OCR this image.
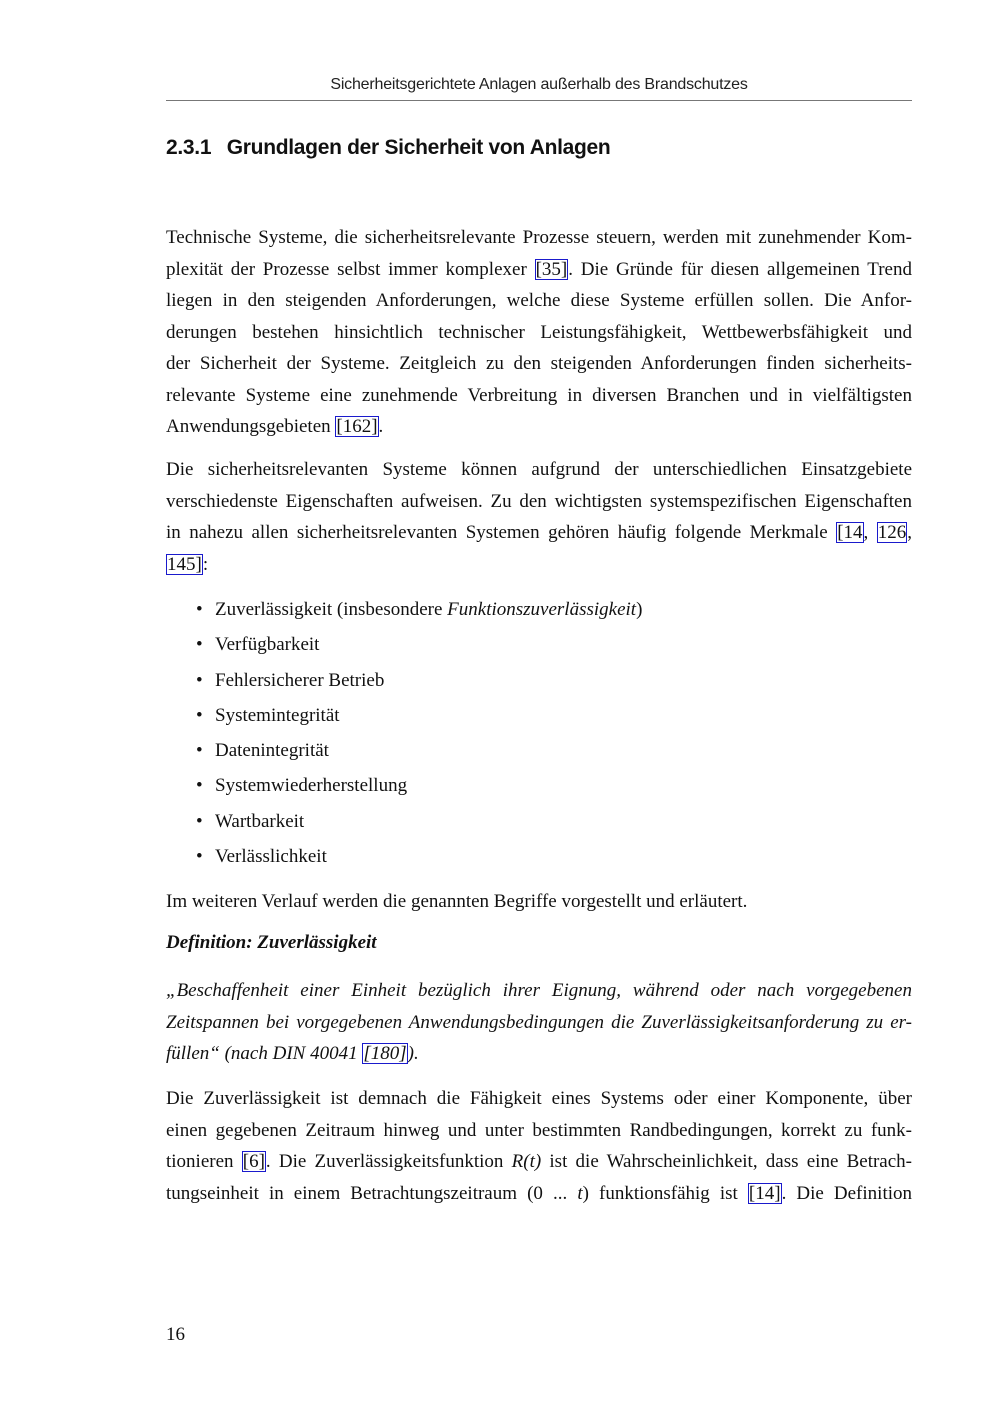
Sicherheitsgerichtete Anlagen außerhalb des Brandschutzes
2.3.1 Grundlagen der Sicherheit von Anlagen
Technische Systeme, die sicherheitsrelevante Prozesse steuern, werden mit zunehmender Kom-
plexität der Prozesse selbst immer komplexer [35]. Die Gründe für diesen allgemeinen Trend
liegen in den steigenden Anforderungen, welche diese Systeme erfüllen sollen. Die Anfor-
derungen bestehen hinsichtlich technischer Leistungsfähigkeit, Wettbewerbsfähigkeit und
der Sicherheit der Systeme. Zeitgleich zu den steigenden Anforderungen finden sicherheits-
relevante Systeme eine zunehmende Verbreitung in diversen Branchen und in vielfältigsten
Anwendungsgebieten [162].
Die sicherheitsrelevanten Systeme können aufgrund der unterschiedlichen Einsatzgebiete
verschiedenste Eigenschaften aufweisen. Zu den wichtigsten systemspezifischen Eigenschaften
in nahezu allen sicherheitsrelevanten Systemen gehören häufig folgende Merkmale [14, 126,
145]:
• Zuverlässigkeit (insbesondere Funktionszuverlässigkeit)
• Verfügbarkeit
• Fehlersicherer Betrieb
• Systemintegrität
• Datenintegrität
• Systemwiederherstellung
• Wartbarkeit
• Verlässlichkeit
Im weiteren Verlauf werden die genannten Begriffe vorgestellt und erläutert.
Definition: Zuverlässigkeit
„Beschaffenheit einer Einheit bezüglich ihrer Eignung, während oder nach vorgegebenen
Zeitspannen bei vorgegebenen Anwendungsbedingungen die Zuverlässigkeitsanforderung zu er-
füllen“ (nach DIN 40041 [180]).
Die Zuverlässigkeit ist demnach die Fähigkeit eines Systems oder einer Komponente, über
einen gegebenen Zeitraum hinweg und unter bestimmten Randbedingungen, korrekt zu funk-
tionieren [6]. Die Zuverlässigkeitsfunktion R(t) ist die Wahrscheinlichkeit, dass eine Betrach-
tungseinheit in einem Betrachtungszeitraum (0 ... t) funktionsfähig ist [14]. Die Definition
16
